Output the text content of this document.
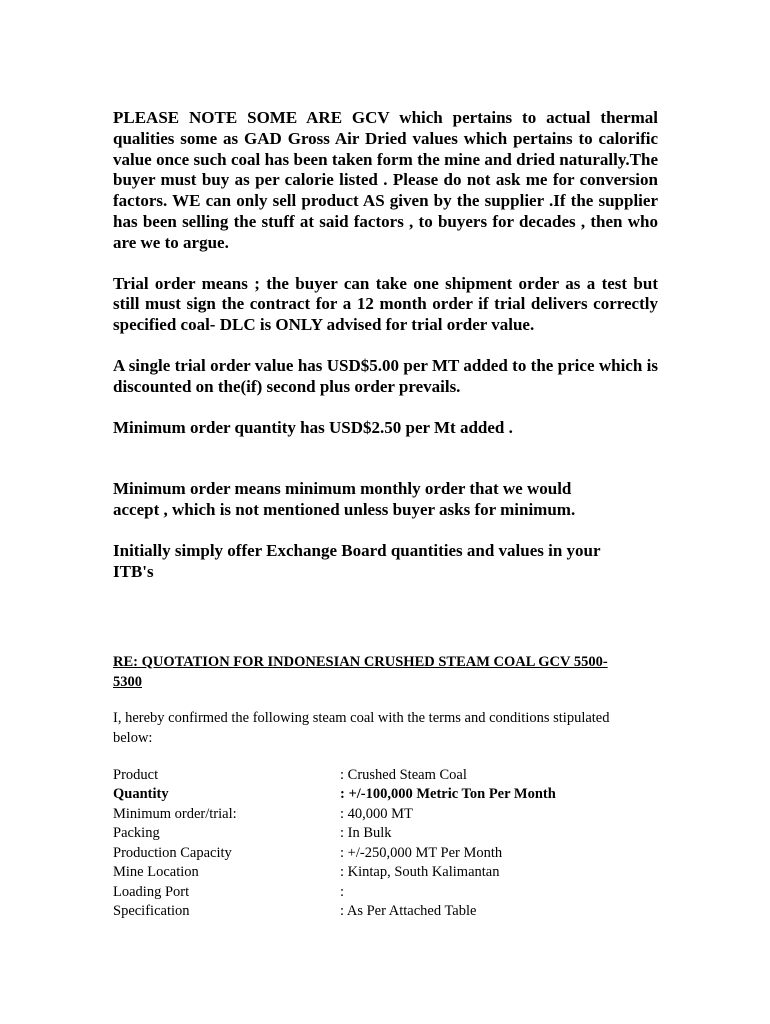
PLEASE NOTE SOME ARE GCV which pertains to actual thermal qualities some as GAD Gross Air Dried values which pertains to calorific value once such coal has been taken form the mine and dried naturally.The buyer must buy as per calorie listed . Please do not ask me for conversion factors. WE can only sell product AS given by the supplier .If the supplier has been selling the stuff at said factors , to buyers for decades , then who are we to argue.

Trial order means ; the buyer can take one shipment order as a test but still must sign the contract for a 12 month order if trial delivers correctly specified coal- DLC is ONLY advised for trial order value.

A single trial order value has USD$5.00 per MT added to the price which is discounted on the(if) second plus order prevails.

Minimum order quantity has USD$2.50 per Mt added .

Minimum order means minimum monthly order that we would accept , which is not mentioned unless buyer asks for minimum.

Initially simply offer Exchange Board quantities and values in your ITB's

RE: QUOTATION FOR INDONESIAN CRUSHED STEAM COAL GCV 5500-5300
I, hereby confirmed the following steam coal with the terms and conditions stipulated below:
Product	: Crushed Steam Coal
Quantity	: +/-100,000 Metric Ton Per Month
Minimum order/trial:	: 40,000 MT
Packing	: In Bulk
Production Capacity	: +/-250,000 MT Per Month
Mine Location	: Kintap, South Kalimantan
Loading Port	:
Specification	: As Per Attached Table
